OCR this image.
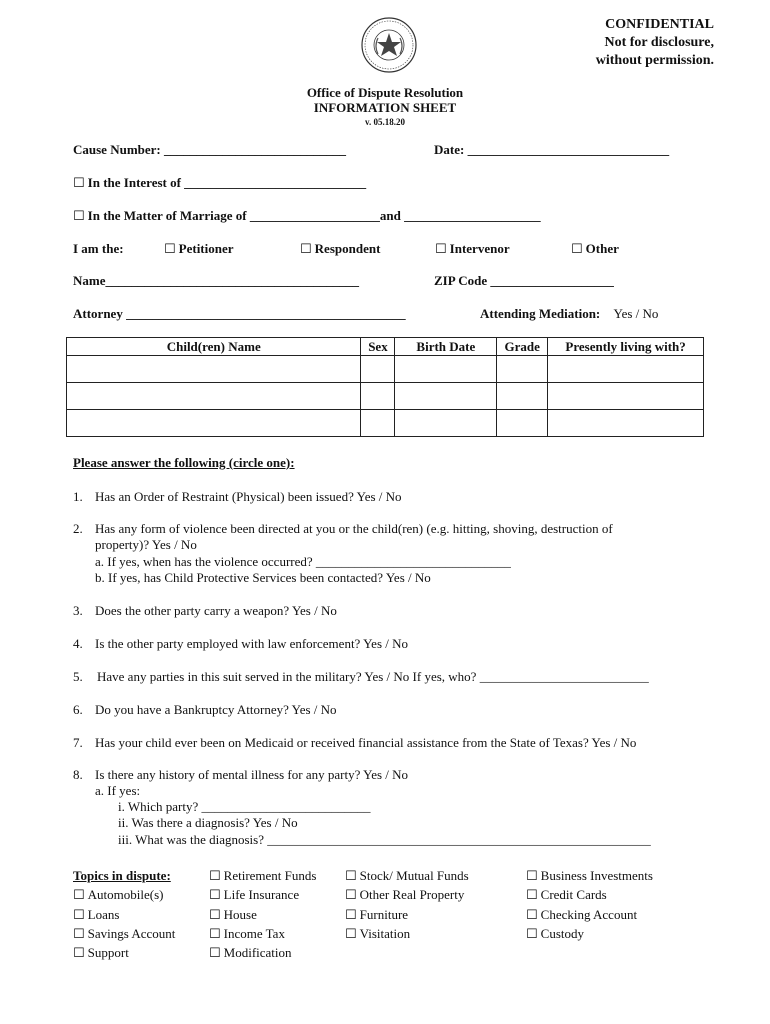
CONFIDENTIAL
Not for disclosure,
without permission.
Office of Dispute Resolution
INFORMATION SHEET
v. 05.18.20
Cause Number: ____________________________	Date: _______________________________
☐ In the Interest of ____________________________
☐ In the Matter of Marriage of ____________________and _____________________
I am the:	☐ Petitioner	☐ Respondent	☐ Intervenor	☐ Other
Name_______________________________________	ZIP Code ___________________
Attorney ___________________________________________	Attending Mediation: Yes / No
Child(ren) Name	Sex	Birth Date	Grade	Presently living with?

Please answer the following (circle one):
1. Has an Order of Restraint (Physical) been issued? Yes / No
2. Has any form of violence been directed at you or the child(ren) (e.g. hitting, shoving, destruction of
property)? Yes / No
a. If yes, when has the violence occurred? ______________________________
b. If yes, has Child Protective Services been contacted? Yes / No
3. Does the other party carry a weapon? Yes / No
4. Is the other party employed with law enforcement? Yes / No
5. Have any parties in this suit served in the military? Yes / No If yes, who? __________________________
6. Do you have a Bankruptcy Attorney? Yes / No
7. Has your child ever been on Medicaid or received financial assistance from the State of Texas? Yes / No
8. Is there any history of mental illness for any party? Yes / No
a. If yes:
i. Which party? __________________________
ii. Was there a diagnosis? Yes / No
iii. What was the diagnosis? ___________________________________________________________
Topics in dispute:
☐ Automobile(s)
☐ Loans
☐ Savings Account
☐ Support
☐ Retirement Funds
☐ Life Insurance
☐ House
☐ Income Tax
☐ Modification
☐ Stock/ Mutual Funds
☐ Other Real Property
☐ Furniture
☐ Visitation
☐ Business Investments
☐ Credit Cards
☐ Checking Account
☐ Custody
